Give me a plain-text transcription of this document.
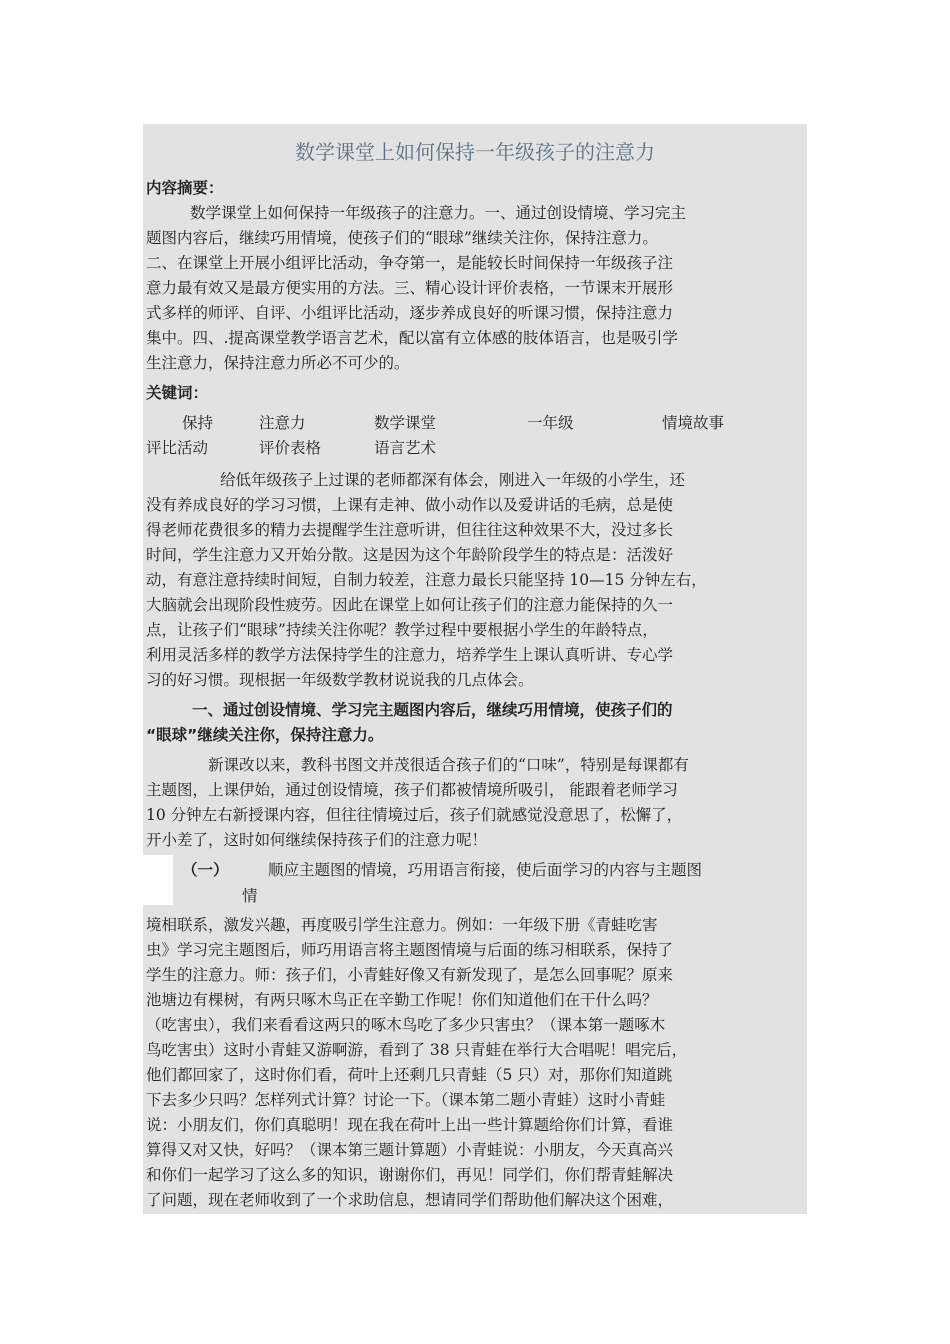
数学课堂上如何保持一年级孩子的注意力
内容摘要：
数学课堂上如何保持一年级孩子的注意力。一、通过创设情境、学习完主
题图内容后，继续巧用情境，使孩子们的“眼球”继续关注你，保持注意力。
二、在课堂上开展小组评比活动，争夺第一，是能较长时间保持一年级孩子注
意力最有效又是最方便实用的方法。三、精心设计评价表格，一节课末开展形
式多样的师评、自评、小组评比活动，逐步养成良好的听课习惯，保持注意力
集中。四、.提高课堂教学语言艺术，配以富有立体感的肢体语言，也是吸引学
生注意力，保持注意力所必不可少的。
关键词：
保持	注意力	数学课堂	一年级	情境故事
评比活动	评价表格	语言艺术
给低年级孩子上过课的老师都深有体会，刚进入一年级的小学生，还
没有养成良好的学习习惯，上课有走神、做小动作以及爱讲话的毛病，总是使
得老师花费很多的精力去提醒学生注意听讲，但往往这种效果不大，没过多长
时间，学生注意力又开始分散。这是因为这个年龄阶段学生的特点是：活泼好
动，有意注意持续时间短，自制力较差，注意力最长只能坚持 10—15 分钟左右，
大脑就会出现阶段性疲劳。因此在课堂上如何让孩子们的注意力能保持的久一
点，让孩子们“眼球”持续关注你呢？教学过程中要根据小学生的年龄特点，
利用灵活多样的教学方法保持学生的注意力，培养学生上课认真听讲、专心学
习的好习惯。现根据一年级数学教材说说我的几点体会。
一、通过创设情境、学习完主题图内容后，继续巧用情境，使孩子们的
“眼球”继续关注你，保持注意力。
新课改以来，教科书图文并茂很适合孩子们的“口味”，特别是每课都有
主题图，上课伊始，通过创设情境，孩子们都被情境所吸引， 能跟着老师学习
10 分钟左右新授课内容，但往往情境过后，孩子们就感觉没意思了，松懈了，
开小差了，这时如何继续保持孩子们的注意力呢！
（一）	顺应主题图的情境，巧用语言衔接，使后面学习的内容与主题图
情
境相联系，激发兴趣，再度吸引学生注意力。例如：一年级下册《青蛙吃害
虫》学习完主题图后，师巧用语言将主题图情境与后面的练习相联系，保持了
学生的注意力。师：孩子们，小青蛙好像又有新发现了，是怎么回事呢？原来
池塘边有棵树，有两只啄木鸟正在辛勤工作呢！你们知道他们在干什么吗？
（吃害虫），我们来看看这两只的啄木鸟吃了多少只害虫？（课本第一题啄木
鸟吃害虫）这时小青蛙又游啊游，看到了 38 只青蛙在举行大合唱呢！唱完后，
他们都回家了，这时你们看，荷叶上还剩几只青蛙（5 只）对，那你们知道跳
下去多少只吗？怎样列式计算？讨论一下。（课本第二题小青蛙）这时小青蛙
说：小朋友们，你们真聪明！现在我在荷叶上出一些计算题给你们计算，看谁
算得又对又快，好吗？（课本第三题计算题）小青蛙说：小朋友，今天真高兴
和你们一起学习了这么多的知识，谢谢你们，再见！同学们，你们帮青蛙解决
了问题，现在老师收到了一个求助信息，想请同学们帮助他们解决这个困难，
